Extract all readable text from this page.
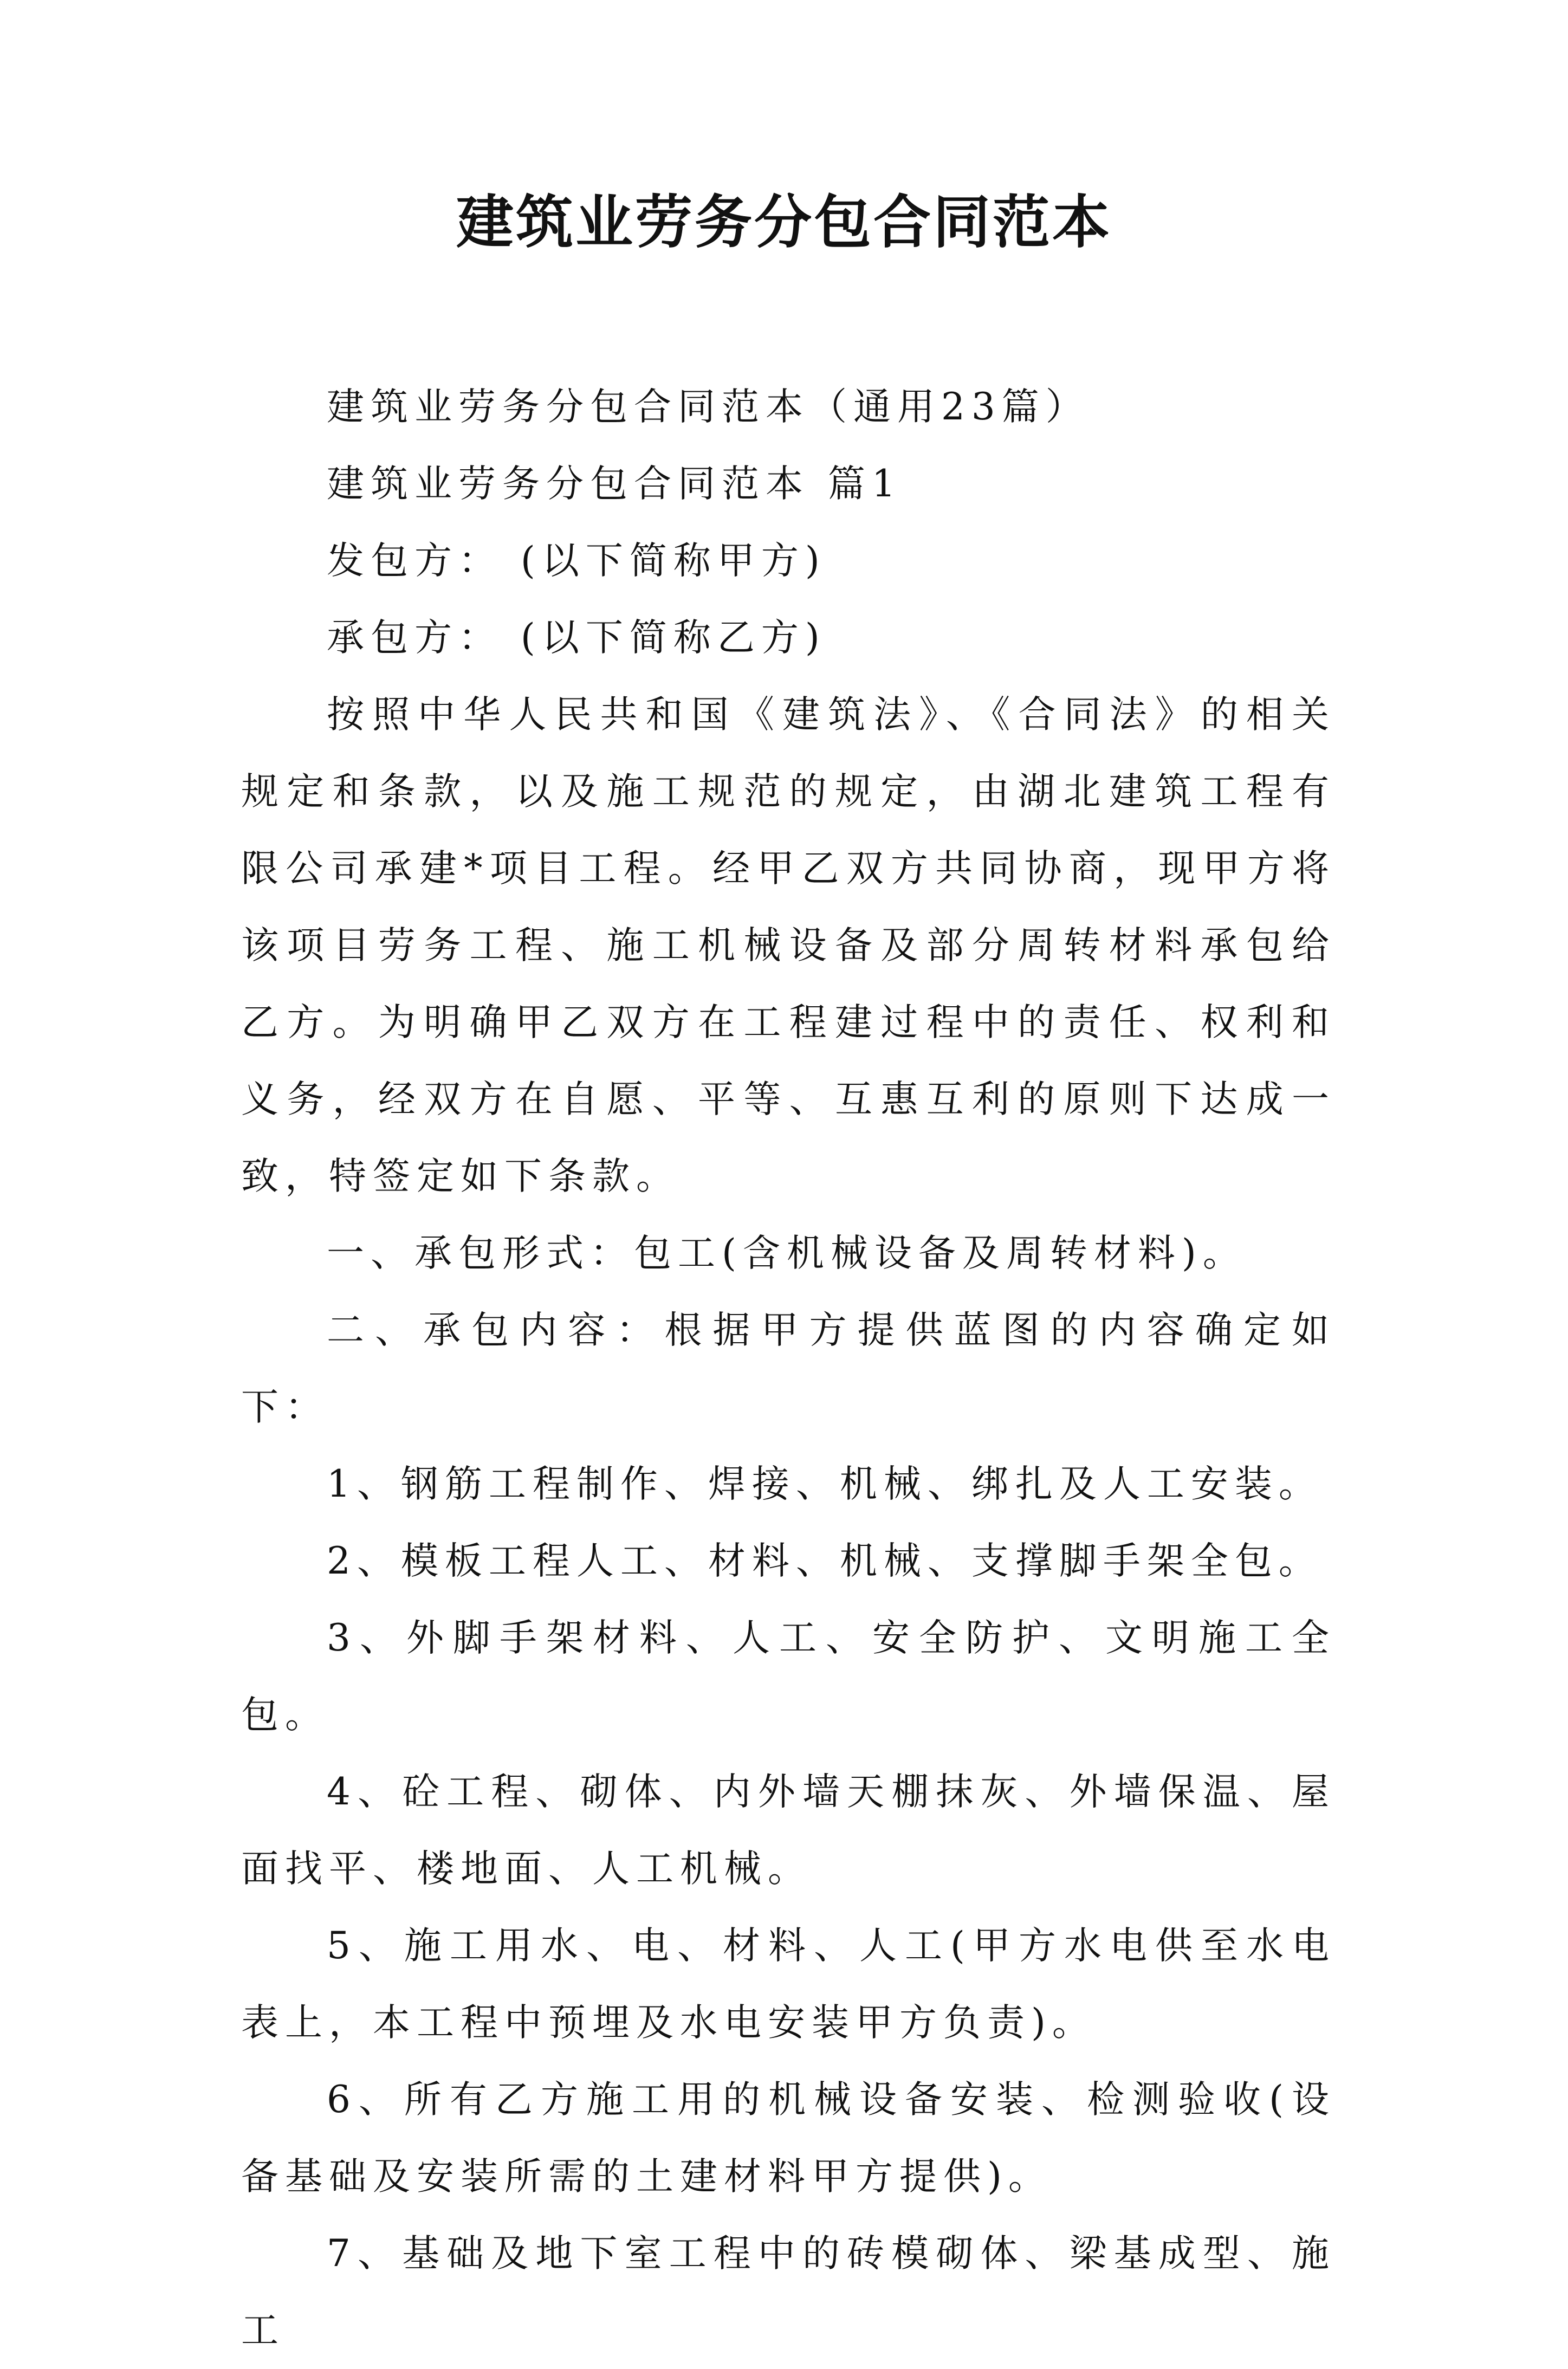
建筑业劳务分包合同范本

建筑业劳务分包合同范本（通用23篇）

建筑业劳务分包合同范本 篇1

发包方： (以下简称甲方)

承包方： (以下简称乙方)

按照中华人民共和国《建筑法》、《合同法》的相关规定和条款，以及施工规范的规定，由湖北建筑工程有限公司承建*项目工程。经甲乙双方共同协商，现甲方将该项目劳务工程、施工机械设备及部分周转材料承包给乙方。为明确甲乙双方在工程建过程中的责任、权利和义务，经双方在自愿、平等、互惠互利的原则下达成一致，特签定如下条款。

一、承包形式：包工(含机械设备及周转材料)。

二、承包内容：根据甲方提供蓝图的内容确定如下：

1、钢筋工程制作、焊接、机械、绑扎及人工安装。

2、模板工程人工、材料、机械、支撑脚手架全包。

3、外脚手架材料、人工、安全防护、文明施工全包。

4、砼工程、砌体、内外墙天棚抹灰、外墙保温、屋面找平、楼地面、人工机械。

5、施工用水、电、材料、人工(甲方水电供至水电表上，本工程中预埋及水电安装甲方负责)。

6、所有乙方施工用的机械设备安装、检测验收(设备基础及安装所需的土建材料甲方提供)。

7、基础及地下室工程中的砖模砌体、梁基成型、施工
